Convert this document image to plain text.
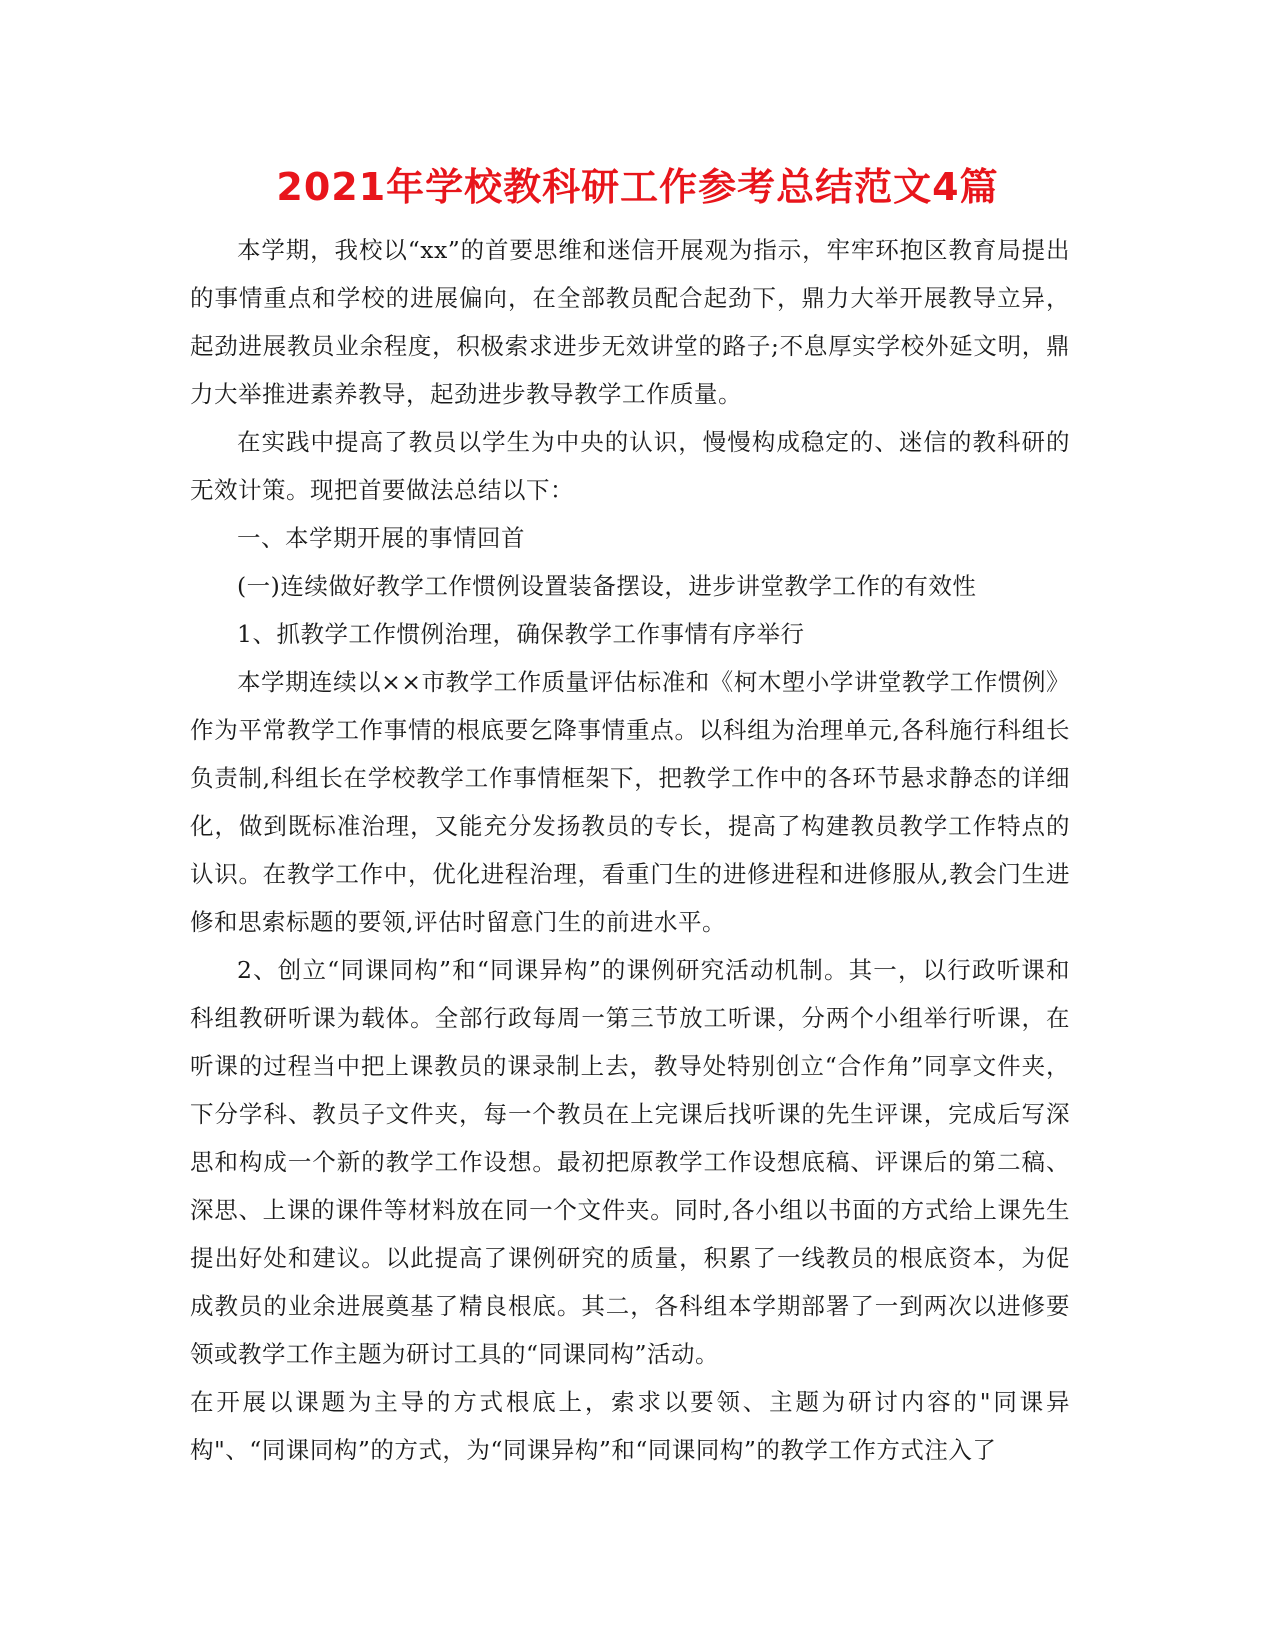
2021年学校教科研工作参考总结范文4篇

本学期，我校以“xx”的首要思维和迷信开展观为指示，牢牢环抱区教育局提出的事情重点和学校的进展偏向，在全部教员配合起劲下，鼎力大举开展教导立异，起劲进展教员业余程度，积极索求进步无效讲堂的路子;不息厚实学校外延文明，鼎力大举推进素养教导，起劲进步教导教学工作质量。

在实践中提高了教员以学生为中央的认识，慢慢构成稳定的、迷信的教科研的无效计策。现把首要做法总结以下：

一、本学期开展的事情回首

(一)连续做好教学工作惯例设置装备摆设，进步讲堂教学工作的有效性

1、抓教学工作惯例治理，确保教学工作事情有序举行

本学期连续以××市教学工作质量评估标准和《柯木塱小学讲堂教学工作惯例》作为平常教学工作事情的根底要乞降事情重点。以科组为治理单元,各科施行科组长负责制,科组长在学校教学工作事情框架下，把教学工作中的各环节悬求静态的详细化，做到既标准治理，又能充分发扬教员的专长，提高了构建教员教学工作特点的认识。在教学工作中，优化进程治理，看重门生的进修进程和进修服从,教会门生进修和思索标题的要领,评估时留意门生的前进水平。

2、创立“同课同构”和“同课异构”的课例研究活动机制。其一，以行政听课和科组教研听课为载体。全部行政每周一第三节放工听课，分两个小组举行听课，在听课的过程当中把上课教员的课录制上去，教导处特别创立“合作角”同享文件夹，下分学科、教员子文件夹，每一个教员在上完课后找听课的先生评课，完成后写深思和构成一个新的教学工作设想。最初把原教学工作设想底稿、评课后的第二稿、深思、上课的课件等材料放在同一个文件夹。同时,各小组以书面的方式给上课先生提出好处和建议。以此提高了课例研究的质量，积累了一线教员的根底资本，为促成教员的业余进展奠基了精良根底。其二，各科组本学期部署了一到两次以进修要领或教学工作主题为研讨工具的“同课同构”活动。

在开展以课题为主导的方式根底上，索求以要领、主题为研讨内容的"同课异构"、“同课同构”的方式，为“同课异构”和“同课同构”的教学工作方式注入了
